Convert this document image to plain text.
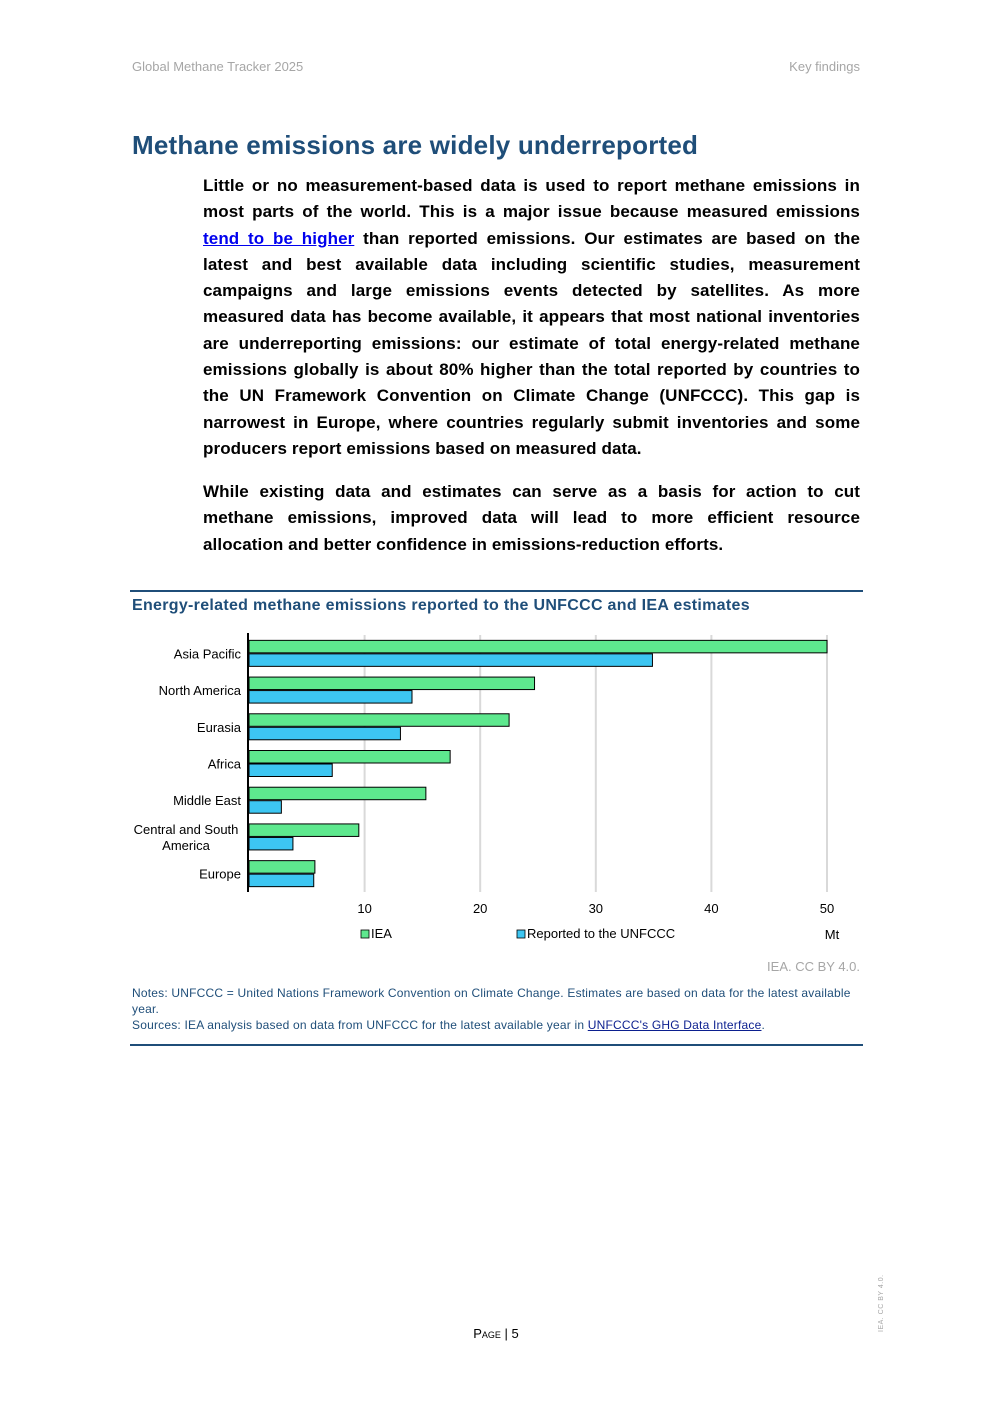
Global Methane Tracker 2025	Key findings
Methane emissions are widely underreported

Little or no measurement-based data is used to report methane emissions in most parts of the world. This is a major issue because measured emissions tend to be higher than reported emissions. Our estimates are based on the latest and best available data including scientific studies, measurement campaigns and large emissions events detected by satellites. As more measured data has become available, it appears that most national inventories are underreporting emissions: our estimate of total energy-related methane emissions globally is about 80% higher than the total reported by countries to the UN Framework Convention on Climate Change (UNFCCC). This gap is narrowest in Europe, where countries regularly submit inventories and some producers report emissions based on measured data.

While existing data and estimates can serve as a basis for action to cut methane emissions, improved data will lead to more efficient resource allocation and better confidence in emissions-reduction efforts.

Energy-related methane emissions reported to the UNFCCC and IEA estimates
Asia Pacific
North America
Eurasia
Africa
Middle East
Central and South
America
Europe
10	20	30	40	50
IEA	Reported to the UNFCCC	Mt
IEA. CC BY 4.0.
Notes: UNFCCC = United Nations Framework Convention on Climate Change. Estimates are based on data for the latest available year.
Sources: IEA analysis based on data from UNFCCC for the latest available year in UNFCCC's GHG Data Interface.
Page | 5
IEA. CC BY 4.0.
